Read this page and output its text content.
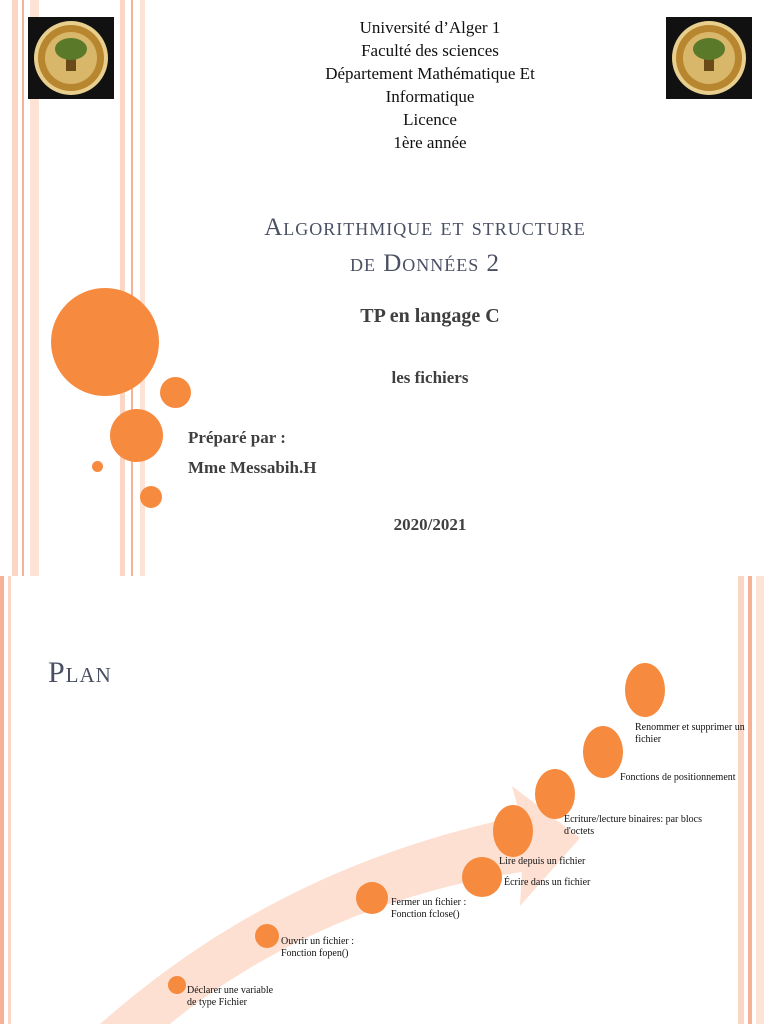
Université d’Alger 1
Faculté des sciences
Département Mathématique Et
Informatique
Licence
1ère année
Algorithmique et structure
de Données 2
TP en langage C
les fichiers
Préparé par :
Mme Messabih.H
2020/2021
Plan
Déclarer une variable de type Fichier
Ouvrir un fichier : Fonction fopen()
Fermer un fichier : Fonction fclose()
Lire depuis un fichier
Écrire dans un fichier
Ecriture/lecture binaires: par blocs d'octets
Fonctions de positionnement
Renommer et supprimer un fichier
